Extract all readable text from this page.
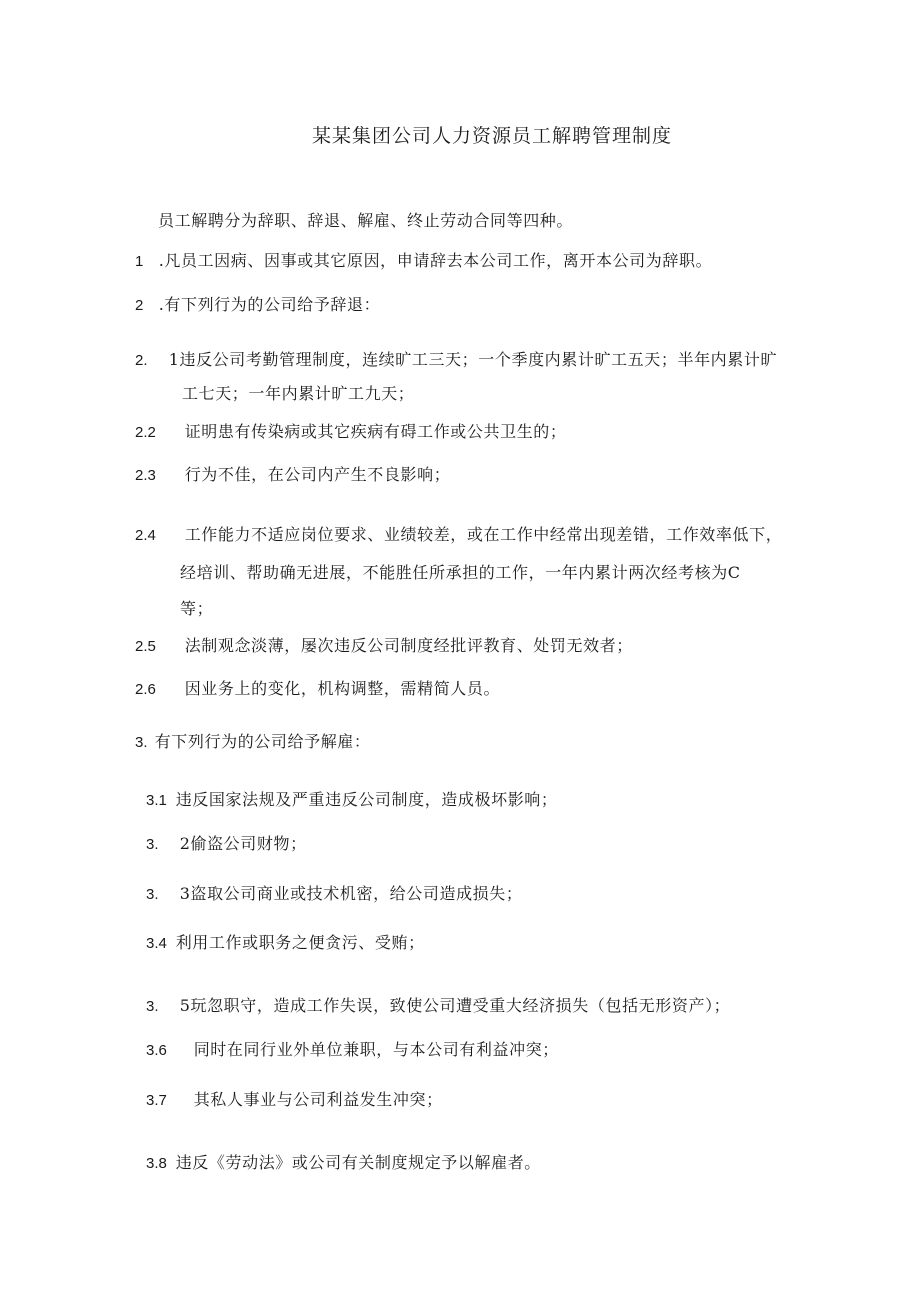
某某集团公司人力资源员工解聘管理制度
员工解聘分为辞职、辞退、解雇、终止劳动合同等四种。
1 .凡员工因病、因事或其它原因，申请辞去本公司工作，离开本公司为辞职。
2 .有下列行为的公司给予辞退：
2. 1违反公司考勤管理制度，连续旷工三天；一个季度内累计旷工五天；半年内累计旷
工七天；一年内累计旷工九天；
2.2 证明患有传染病或其它疾病有碍工作或公共卫生的；
2.3 行为不佳，在公司内产生不良影响；
2.4 工作能力不适应岗位要求、业绩较差，或在工作中经常出现差错，工作效率低下，
经培训、帮助确无进展，不能胜任所承担的工作，一年内累计两次经考核为C
等；
2.5 法制观念淡薄，屡次违反公司制度经批评教育、处罚无效者；
2.6 因业务上的变化，机构调整，需精简人员。
3. 有下列行为的公司给予解雇：
3.1 违反国家法规及严重违反公司制度，造成极坏影响；
3. 2偷盗公司财物；
3. 3盗取公司商业或技术机密，给公司造成损失；
3.4 利用工作或职务之便贪污、受贿；
3. 5玩忽职守，造成工作失误，致使公司遭受重大经济损失（包括无形资产）；
3.6 同时在同行业外单位兼职，与本公司有利益冲突；
3.7 其私人事业与公司利益发生冲突；
3.8 违反《劳动法》或公司有关制度规定予以解雇者。
